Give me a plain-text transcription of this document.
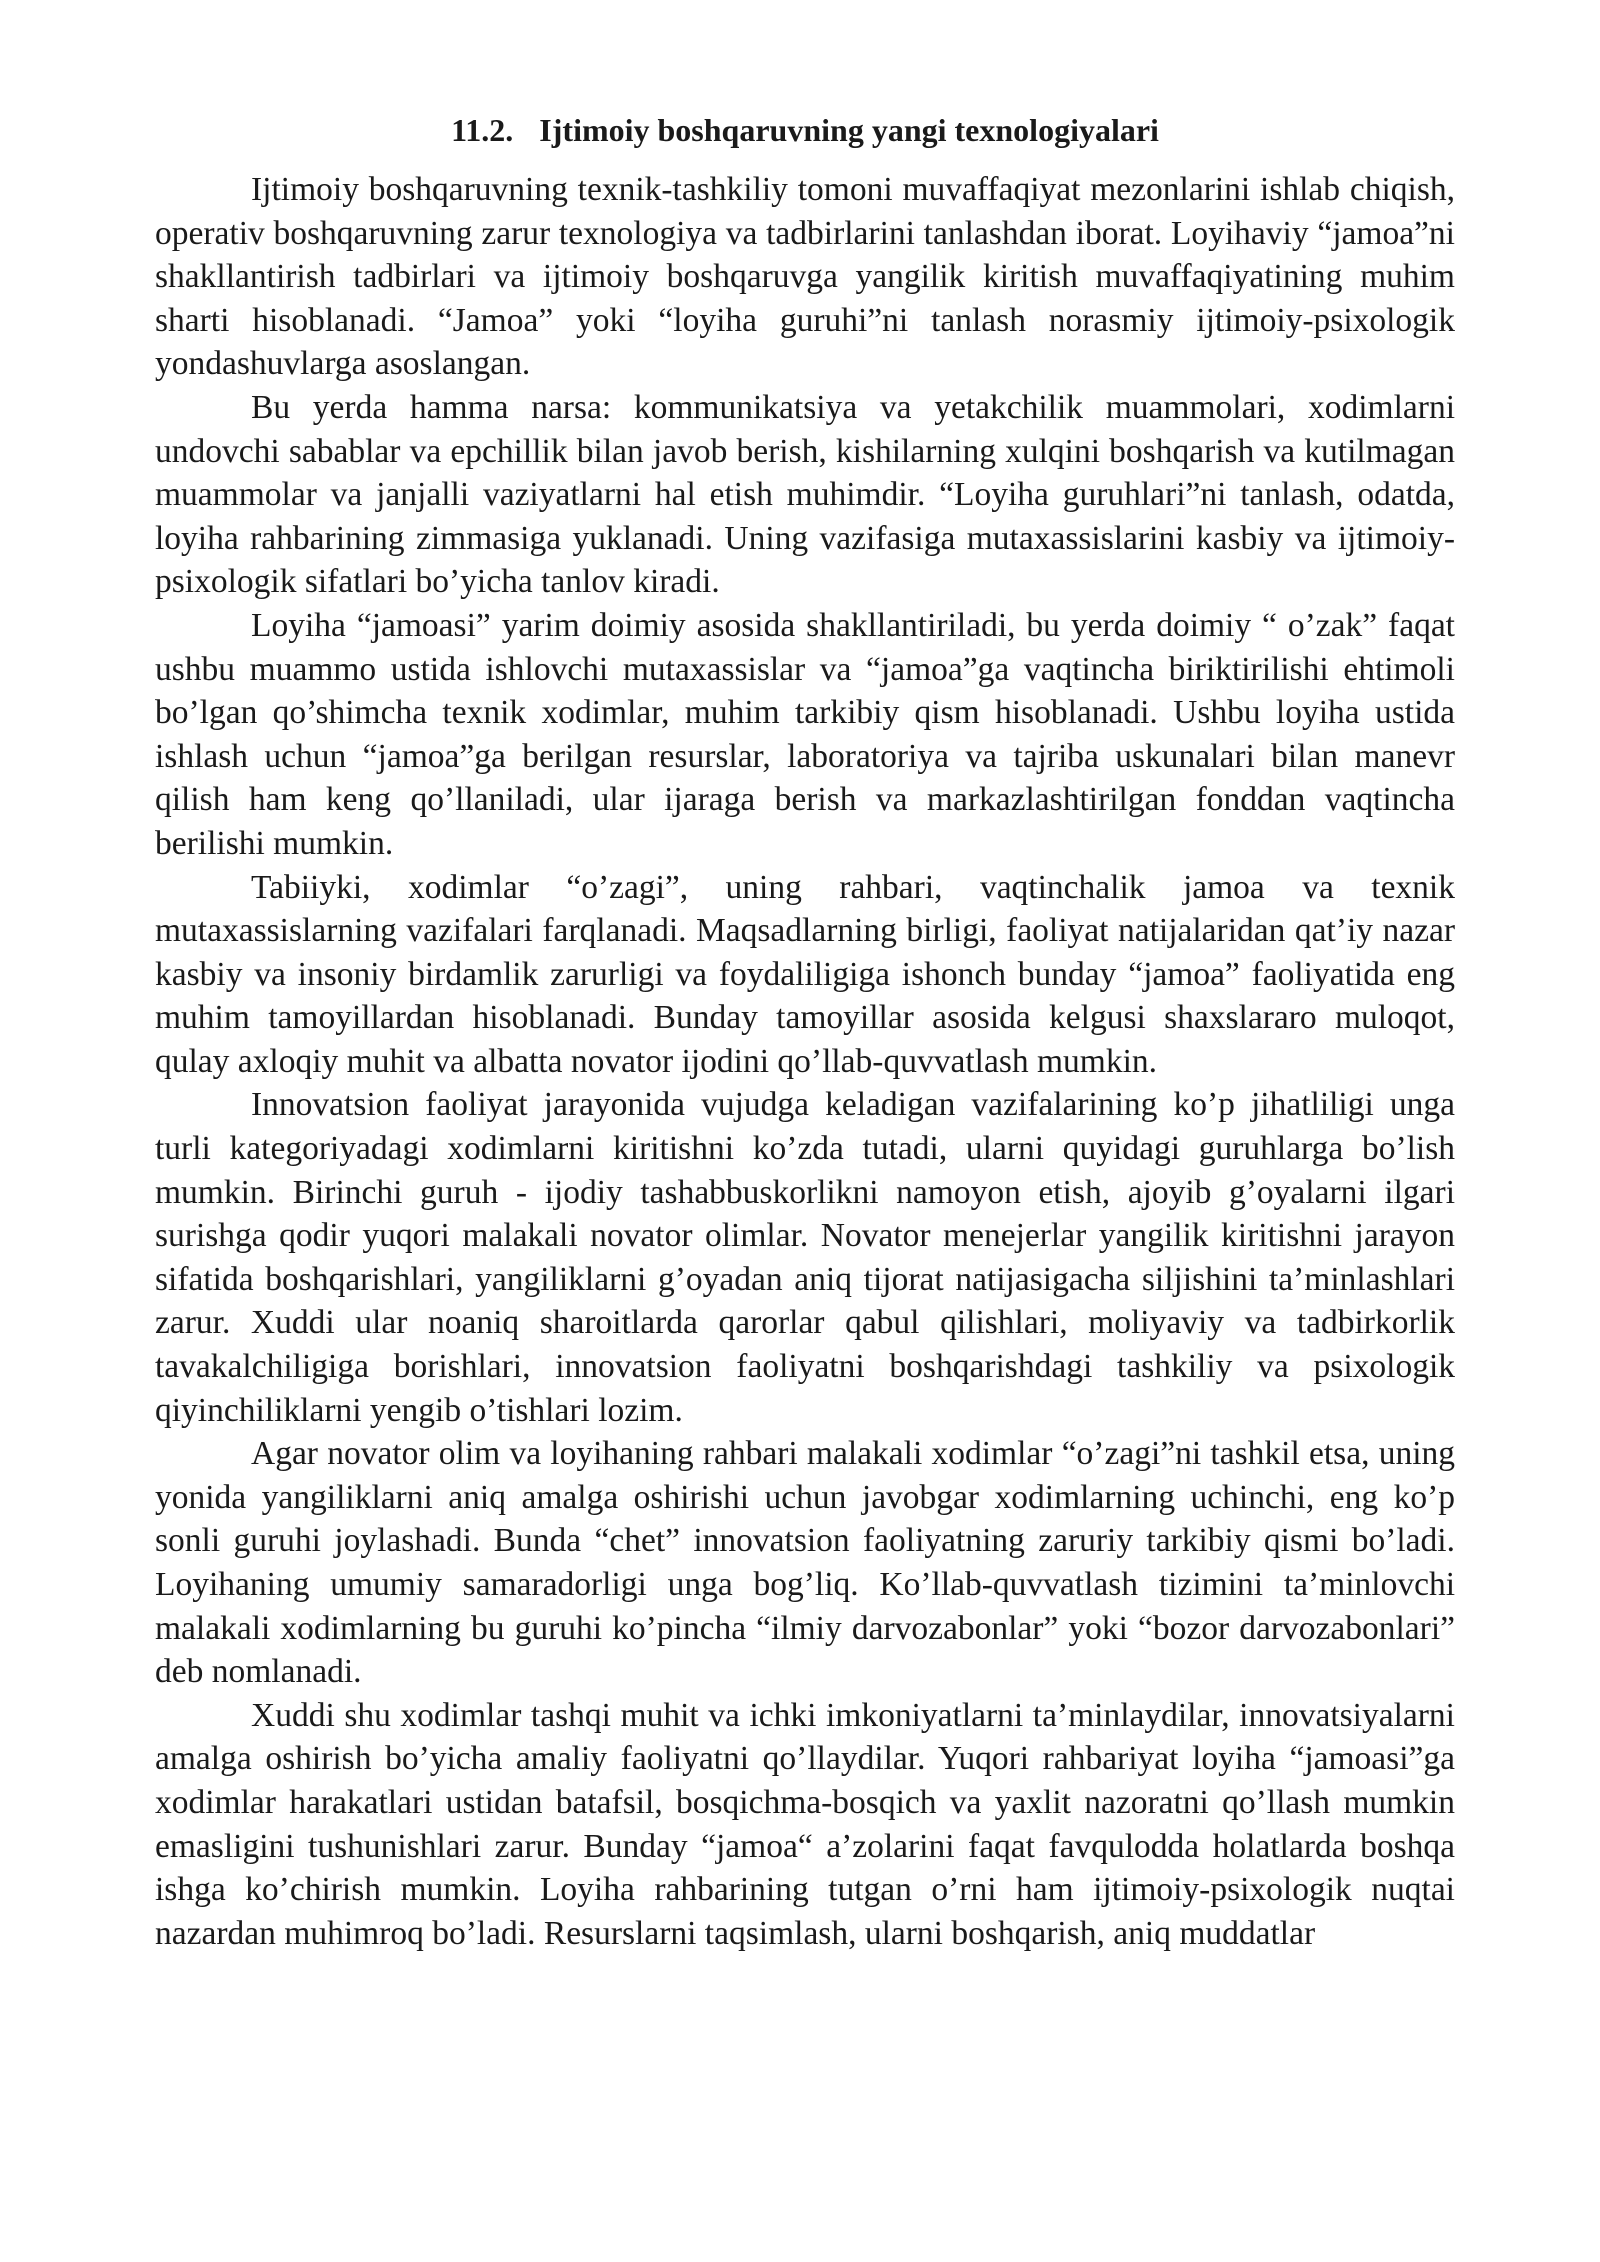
11.2. Ijtimoiy boshqaruvning yangi texnologiyalari

Ijtimoiy boshqaruvning texnik-tashkiliy tomoni muvaffaqiyat mezonlarini ishlab chiqish, operativ boshqaruvning zarur texnologiya va tadbirlarini tanlashdan iborat. Loyihaviy “jamoa”ni shakllantirish tadbirlari va ijtimoiy boshqaruvga yangilik kiritish muvaffaqiyatining muhim sharti hisoblanadi. “Jamoa” yoki “loyiha guruhi”ni tanlash norasmiy ijtimoiy-psixologik yondashuvlarga asoslangan.

Bu yerda hamma narsa: kommunikatsiya va yetakchilik muammolari, xodimlarni undovchi sabablar va epchillik bilan javob berish, kishilarning xulqini boshqarish va kutilmagan muammolar va janjalli vaziyatlarni hal etish muhimdir. “Loyiha guruhlari”ni tanlash, odatda, loyiha rahbarining zimmasiga yuklanadi. Uning vazifasiga mutaxassislarini kasbiy va ijtimoiy-psixologik sifatlari bo’yicha tanlov kiradi.

Loyiha “jamoasi” yarim doimiy asosida shakllantiriladi, bu yerda doimiy “ o’zak” faqat ushbu muammo ustida ishlovchi mutaxassislar va “jamoa”ga vaqtincha biriktirilishi ehtimoli bo’lgan qo’shimcha texnik xodimlar, muhim tarkibiy qism hisoblanadi. Ushbu loyiha ustida ishlash uchun “jamoa”ga berilgan resurslar, laboratoriya va tajriba uskunalari bilan manevr qilish ham keng qo’llaniladi, ular ijaraga berish va markazlashtirilgan fonddan vaqtincha berilishi mumkin.

Tabiiyki, xodimlar “o’zagi”, uning rahbari, vaqtinchalik jamoa va texnik mutaxassislarning vazifalari farqlanadi. Maqsadlarning birligi, faoliyat natijalaridan qat’iy nazar kasbiy va insoniy birdamlik zarurligi va foydaliligiga ishonch bunday “jamoa” faoliyatida eng muhim tamoyillardan hisoblanadi. Bunday tamoyillar asosida kelgusi shaxslararo muloqot, qulay axloqiy muhit va albatta novator ijodini qo’llab-quvvatlash mumkin.

Innovatsion faoliyat jarayonida vujudga keladigan vazifalarining ko’p jihatliligi unga turli kategoriyadagi xodimlarni kiritishni ko’zda tutadi, ularni quyidagi guruhlarga bo’lish mumkin. Birinchi guruh - ijodiy tashabbuskorlikni namoyon etish, ajoyib g’oyalarni ilgari surishga qodir yuqori malakali novator olimlar. Novator menejerlar yangilik kiritishni jarayon sifatida boshqarishlari, yangiliklarni g’oyadan aniq tijorat natijasigacha siljishini ta’minlashlari zarur. Xuddi ular noaniq sharoitlarda qarorlar qabul qilishlari, moliyaviy va tadbirkorlik tavakalchiligiga borishlari, innovatsion faoliyatni boshqarishdagi tashkiliy va psixologik qiyinchiliklarni yengib o’tishlari lozim.

Agar novator olim va loyihaning rahbari malakali xodimlar “o’zagi”ni tashkil etsa, uning yonida yangiliklarni aniq amalga oshirishi uchun javobgar xodimlarning uchinchi, eng ko’p sonli guruhi joylashadi. Bunda “chet” innovatsion faoliyatning zaruriy tarkibiy qismi bo’ladi. Loyihaning umumiy samaradorligi unga bog’liq. Ko’llab-quvvatlash tizimini ta’minlovchi malakali xodimlarning bu guruhi ko’pincha “ilmiy darvozabonlar” yoki “bozor darvozabonlari” deb nomlanadi.

Xuddi shu xodimlar tashqi muhit va ichki imkoniyatlarni ta’minlaydilar, innovatsiyalarni amalga oshirish bo’yicha amaliy faoliyatni qo’llaydilar. Yuqori rahbariyat loyiha “jamoasi”ga xodimlar harakatlari ustidan batafsil, bosqichma-bosqich va yaxlit nazoratni qo’llash mumkin emasligini tushunishlari zarur. Bunday “jamoa“ a’zolarini faqat favqulodda holatlarda boshqa ishga ko’chirish mumkin. Loyiha rahbarining tutgan o’rni ham ijtimoiy-psixologik nuqtai nazardan muhimroq bo’ladi. Resurslarni taqsimlash, ularni boshqarish, aniq muddatlar
